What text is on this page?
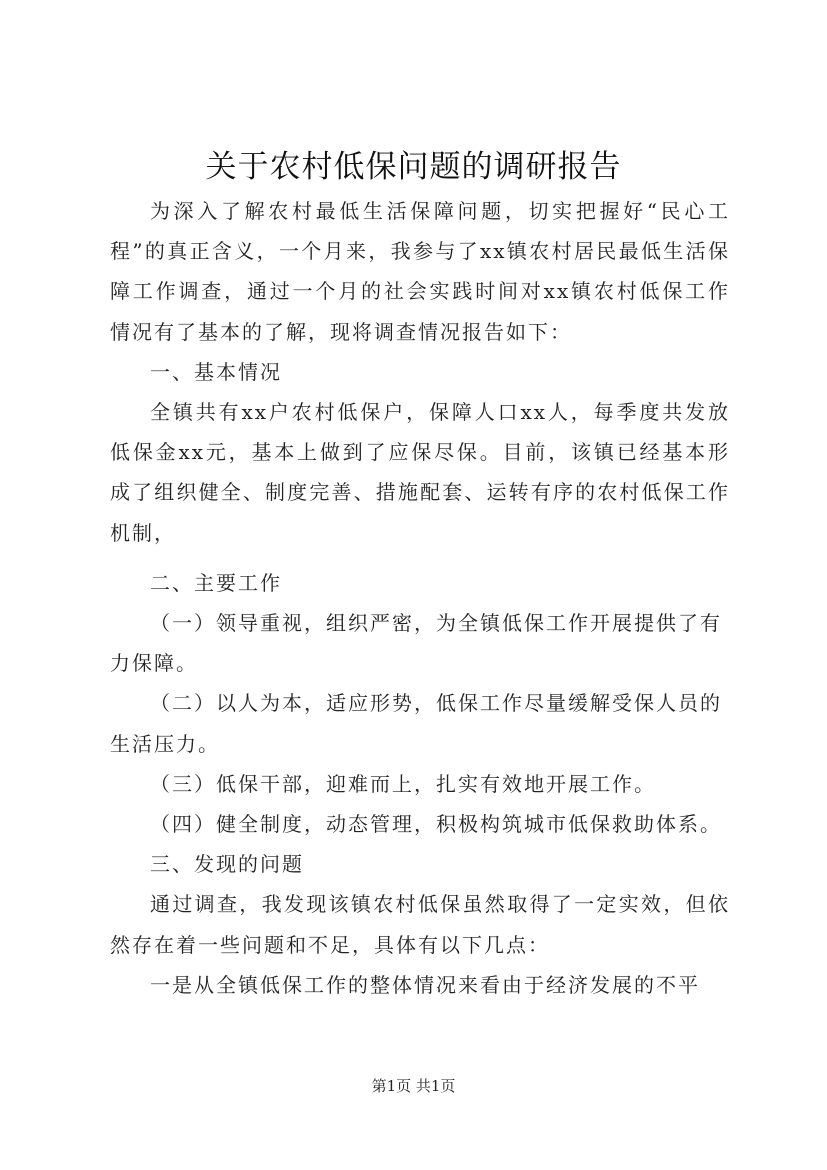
关于农村低保问题的调研报告

为深入了解农村最低生活保障问题，切实把握好“民心工程”的真正含义，一个月来，我参与了xx镇农村居民最低生活保障工作调查，通过一个月的社会实践时间对xx镇农村低保工作情况有了基本的了解，现将调查情况报告如下：

一、基本情况

全镇共有xx户农村低保户，保障人口xx人，每季度共发放低保金xx元，基本上做到了应保尽保。目前，该镇已经基本形成了组织健全、制度完善、措施配套、运转有序的农村低保工作机制，

二、主要工作

（一）领导重视，组织严密，为全镇低保工作开展提供了有力保障。

（二）以人为本，适应形势，低保工作尽量缓解受保人员的生活压力。

（三）低保干部，迎难而上，扎实有效地开展工作。

（四）健全制度，动态管理，积极构筑城市低保救助体系。

三、发现的问题

通过调查，我发现该镇农村低保虽然取得了一定实效，但依然存在着一些问题和不足，具体有以下几点：

一是从全镇低保工作的整体情况来看由于经济发展的不平

第1页 共1页
